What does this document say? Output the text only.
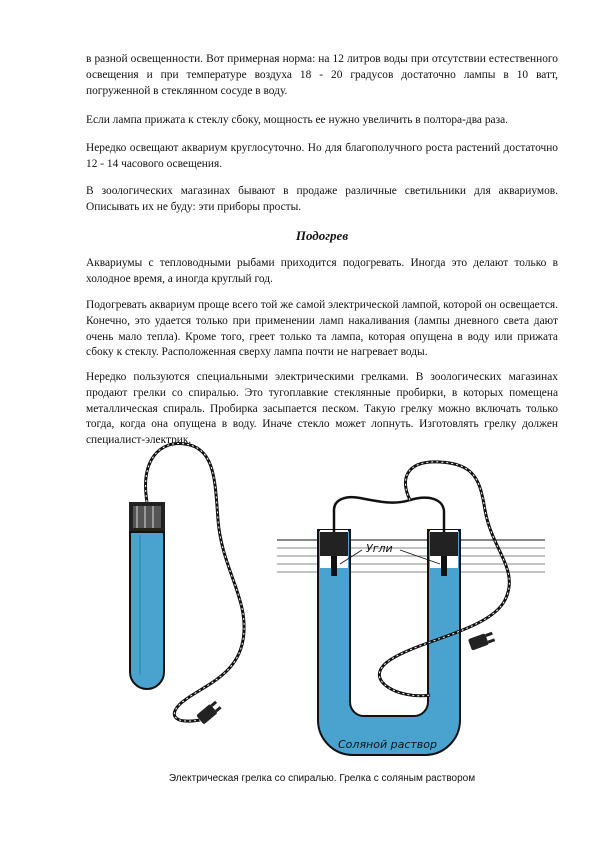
в разной освещенности. Вот примерная норма: на 12 литров воды при отсутствии естественного освещения и при температуре воздуха 18 - 20 градусов достаточно лампы в 10 ватт, погруженной в стеклянном сосуде в воду.

Если лампа прижата к стеклу сбоку, мощность ее нужно увеличить в полтора-два раза.

Нередко освещают аквариум круглосуточно. Но для благополучного роста растений достаточно 12 - 14 часового освещения.

В зоологических магазинах бывают в продаже различные светильники для аквариумов. Описывать их не буду: эти приборы просты.

Подогрев

Аквариумы с тепловодными рыбами приходится подогревать. Иногда это делают только в холодное время, а иногда круглый год.

Подогревать аквариум проще всего той же самой электрической лампой, которой он освещается. Конечно, это удается только при применении ламп накаливания (лампы дневного света дают очень мало тепла). Кроме того, греет только та лампа, которая опущена в воду или прижата сбоку к стеклу. Расположенная сверху лампа почти не нагревает воды.

Нередко пользуются специальными электрическими грелками. В зоологических магазинах продают грелки со спиралью. Это тугоплавкие стеклянные пробирки, в которых помещена металлическая спираль. Пробирка засыпается песком. Такую грелку можно включать только тогда, когда она опущена в воду. Иначе стекло может лопнуть. Изготовлять грелку должен специалист-электрик.

Угли
Соляной раствор

Электрическая грелка со спиралью. Грелка с соляным раствором
